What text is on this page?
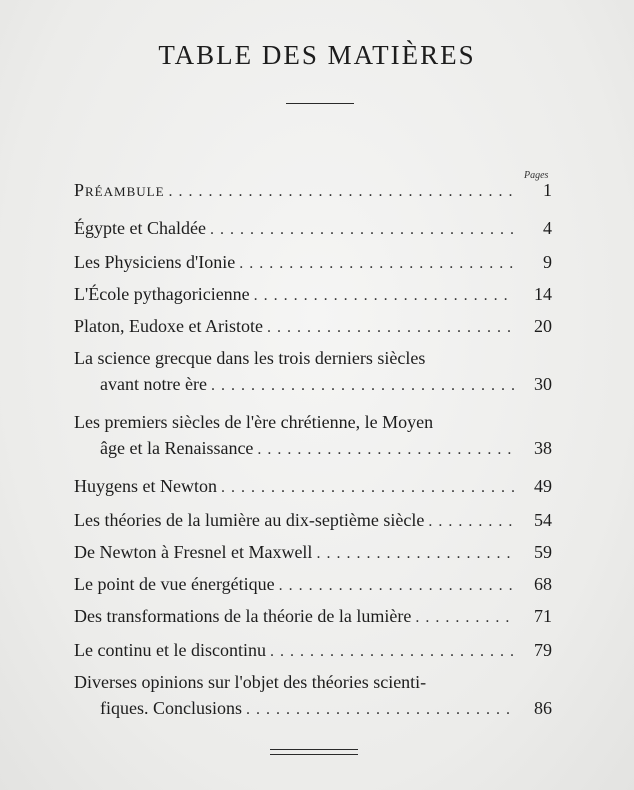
TABLE DES MATIÈRES
Pages
Préambule . . .	1
Égypte et Chaldée . . .	4
Les Physiciens d'Ionie . . .	9
L'École pythagoricienne . . .	14
Platon, Eudoxe et Aristote . . .	20
La science grecque dans les trois derniers siècles
avant notre ère . . .	30
Les premiers siècles de l'ère chrétienne, le Moyen
âge et la Renaissance . . .	38
Huygens et Newton . . .	49
Les théories de la lumière au dix-septième siècle . . .	54
De Newton à Fresnel et Maxwell . . .	59
Le point de vue énergétique . . .	68
Des transformations de la théorie de la lumière . . .	71
Le continu et le discontinu . . .	79
Diverses opinions sur l'objet des théories scienti-
fiques. Conclusions . . .	86
